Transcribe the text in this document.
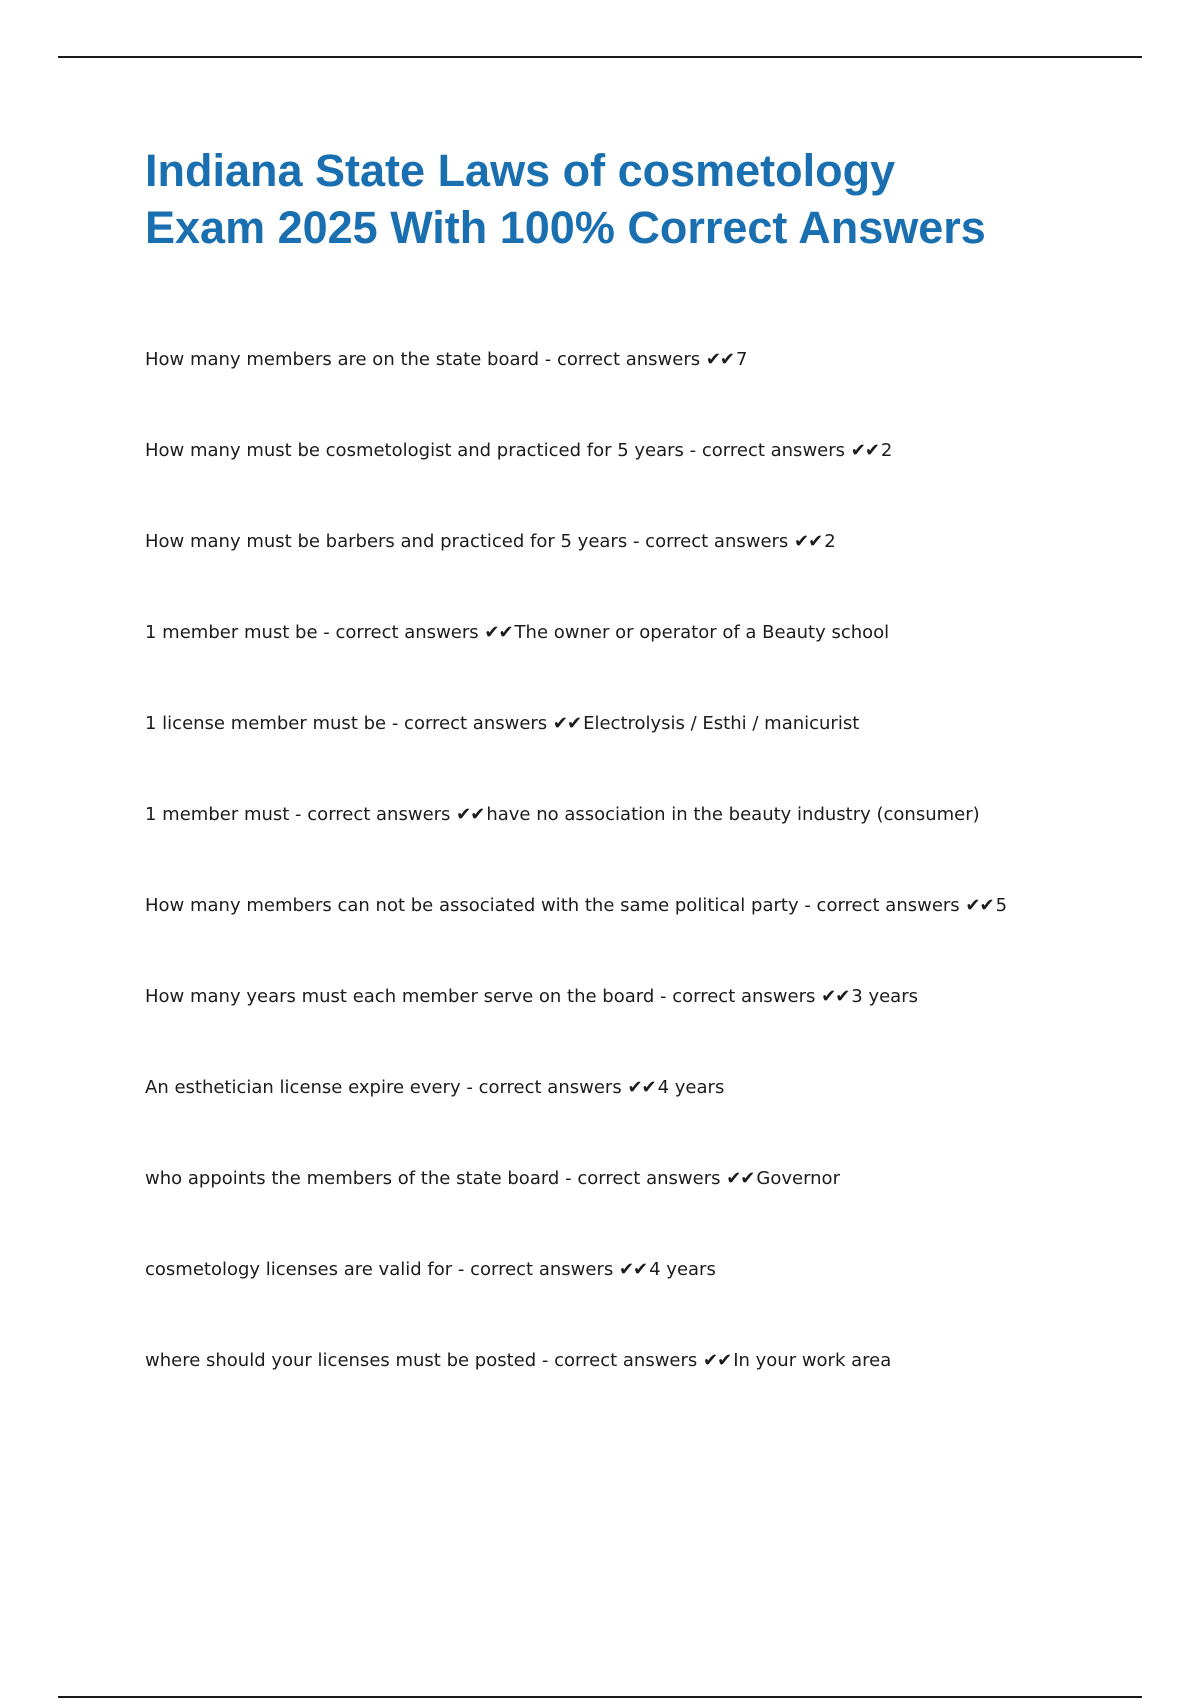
Indiana State Laws of cosmetology
Exam 2025 With 100% Correct Answers
How many members are on the state board - correct answers ✔✔ 7
How many must be cosmetologist and practiced for 5 years - correct answers ✔✔ 2
How many must be barbers and practiced for 5 years - correct answers ✔✔ 2
1 member must be - correct answers ✔✔ The owner or operator of a Beauty school
1 license member must be - correct answers ✔✔ Electrolysis / Esthi / manicurist
1 member must - correct answers ✔✔ have no association in the beauty industry (consumer)
How many members can not be associated with the same political party - correct answers ✔✔ 5
How many years must each member serve on the board - correct answers ✔✔ 3 years
An esthetician license expire every - correct answers ✔✔ 4 years
who appoints the members of the state board - correct answers ✔✔ Governor
cosmetology licenses are valid for - correct answers ✔✔ 4 years
where should your licenses must be posted - correct answers ✔✔ In your work area
